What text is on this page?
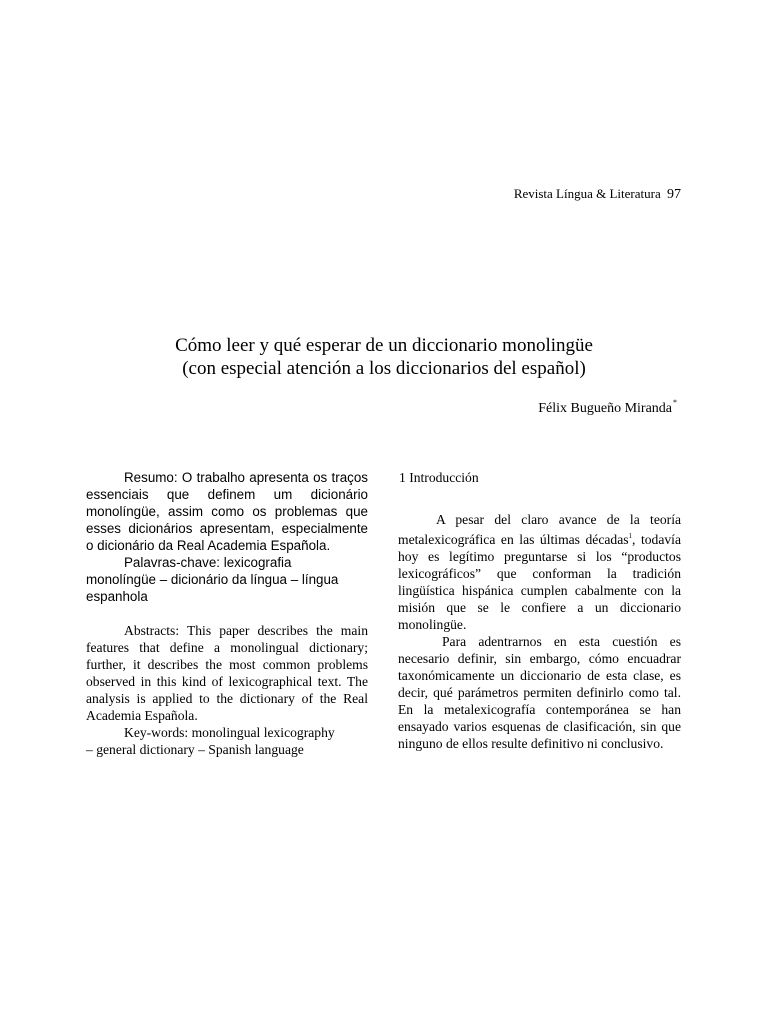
Revista Língua & Literatura 97
Cómo leer y qué esperar de un diccionario monolingüe
(con especial atención a los diccionarios del español)
Félix Bugueño Miranda*

Resumo: O trabalho apresenta os traços essenciais que definem um dicionário monolíngüe, assim como os problemas que esses dicionários apresentam, especialmente o dicionário da Real Academia Española.

Palavras-chave: lexicografia

monolíngüe – dicionário da língua – língua espanhola

Abstracts: This paper describes the main features that define a monolingual dictionary; further, it describes the most common problems observed in this kind of lexicographical text. The analysis is applied to the dictionary of the Real Academia Española.

Key-words: monolingual lexicography

– general dictionary – Spanish language

1 Introducción

A pesar del claro avance de la teoría metalexicográfica en las últimas décadas$^1$, todavía hoy es legítimo preguntarse si los “productos lexicográficos” que conforman la tradición lingüística hispánica cumplen cabalmente con la misión que se le confiere a un diccionario monolingüe.

Para adentrarnos en esta cuestión es necesario definir, sin embargo, cómo encuadrar taxonómicamente un diccionario de esta clase, es decir, qué parámetros permiten definirlo como tal. En la metalexicografía contemporánea se han ensayado varios esquenas de clasificación, sin que ninguno de ellos resulte definitivo ni conclusivo.
